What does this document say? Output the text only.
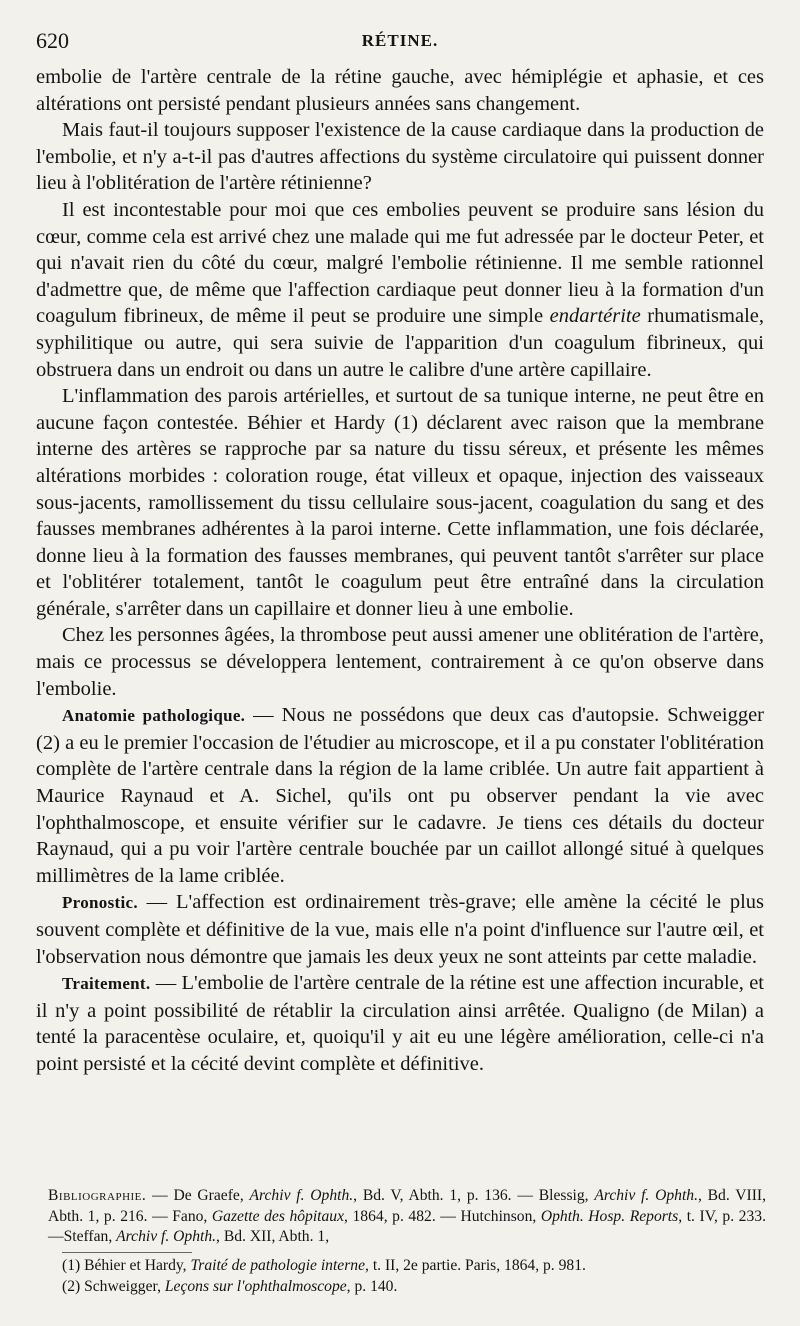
620	RÉTINE.

embolie de l'artère centrale de la rétine gauche, avec hémiplégie et aphasie, et ces altérations ont persisté pendant plusieurs années sans changement.

Mais faut-il toujours supposer l'existence de la cause cardiaque dans la production de l'embolie, et n'y a-t-il pas d'autres affections du système circulatoire qui puissent donner lieu à l'oblitération de l'artère rétinienne?

Il est incontestable pour moi que ces embolies peuvent se produire sans lésion du cœur, comme cela est arrivé chez une malade qui me fut adressée par le docteur Peter, et qui n'avait rien du côté du cœur, malgré l'embolie rétinienne. Il me semble rationnel d'admettre que, de même que l'affection cardiaque peut donner lieu à la formation d'un coagulum fibrineux, de même il peut se produire une simple endartérite rhumatismale, syphilitique ou autre, qui sera suivie de l'apparition d'un coagulum fibrineux, qui obstruera dans un endroit ou dans un autre le calibre d'une artère capillaire.

L'inflammation des parois artérielles, et surtout de sa tunique interne, ne peut être en aucune façon contestée. Béhier et Hardy (1) déclarent avec raison que la membrane interne des artères se rapproche par sa nature du tissu séreux, et présente les mêmes altérations morbides : coloration rouge, état villeux et opaque, injection des vaisseaux sous-jacents, ramollissement du tissu cellulaire sous-jacent, coagulation du sang et des fausses membranes adhérentes à la paroi interne. Cette inflammation, une fois déclarée, donne lieu à la formation des fausses membranes, qui peuvent tantôt s'arrêter sur place et l'oblitérer totalement, tantôt le coagulum peut être entraîné dans la circulation générale, s'arrêter dans un capillaire et donner lieu à une embolie.

Chez les personnes âgées, la thrombose peut aussi amener une oblitération de l'artère, mais ce processus se développera lentement, contrairement à ce qu'on observe dans l'embolie.

Anatomie pathologique. — Nous ne possédons que deux cas d'autopsie. Schweigger (2) a eu le premier l'occasion de l'étudier au microscope, et il a pu constater l'oblitération complète de l'artère centrale dans la région de la lame criblée. Un autre fait appartient à Maurice Raynaud et A. Sichel, qu'ils ont pu observer pendant la vie avec l'ophthalmoscope, et ensuite vérifier sur le cadavre. Je tiens ces détails du docteur Raynaud, qui a pu voir l'artère centrale bouchée par un caillot allongé situé à quelques millimètres de la lame criblée.

Pronostic. — L'affection est ordinairement très-grave; elle amène la cécité le plus souvent complète et définitive de la vue, mais elle n'a point d'influence sur l'autre œil, et l'observation nous démontre que jamais les deux yeux ne sont atteints par cette maladie.

Traitement. — L'embolie de l'artère centrale de la rétine est une affection incurable, et il n'y a point possibilité de rétablir la circulation ainsi arrêtée. Qualigno (de Milan) a tenté la paracentèse oculaire, et, quoiqu'il y ait eu une légère amélioration, celle-ci n'a point persisté et la cécité devint complète et définitive.

Bibliographie. — De Graefe, Archiv f. Ophth., Bd. V, Abth. 1, p. 136. — Blessig, Archiv f. Ophth., Bd. VIII, Abth. 1, p. 216. — Fano, Gazette des hôpitaux, 1864, p. 482. — Hutchinson, Ophth. Hosp. Reports, t. IV, p. 233.—Steffan, Archiv f. Ophth., Bd. XII, Abth. 1,
(1) Béhier et Hardy, Traité de pathologie interne, t. II, 2e partie. Paris, 1864, p. 981.
(2) Schweigger, Leçons sur l'ophthalmoscope, p. 140.
